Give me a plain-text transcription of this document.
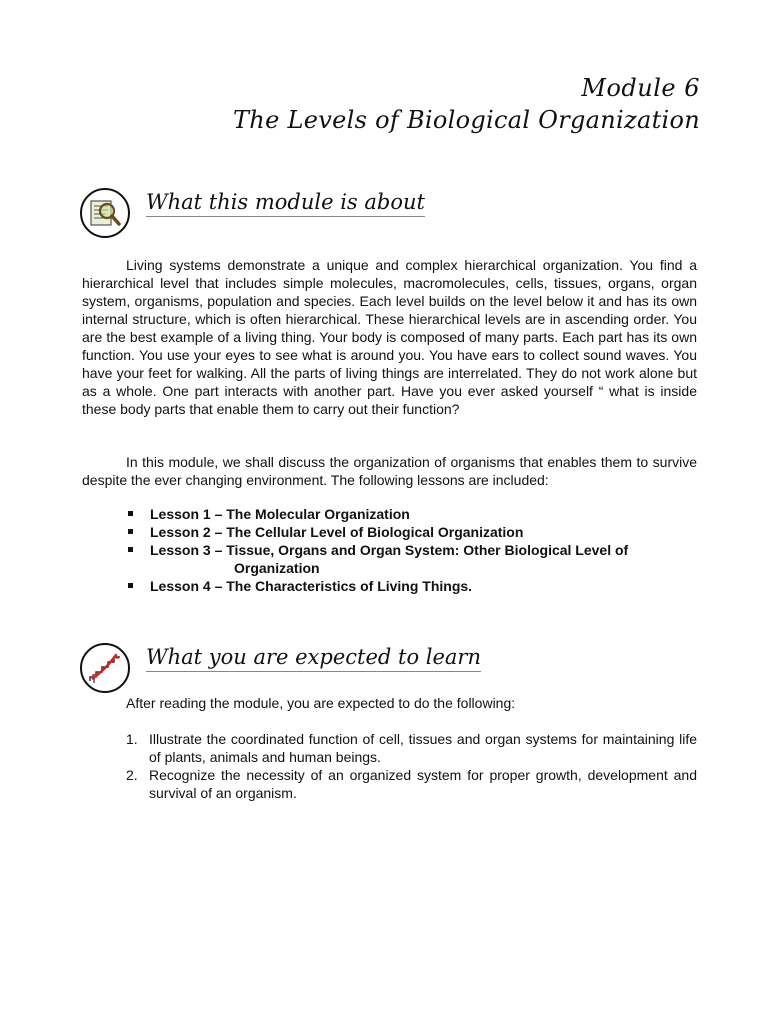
Module 6
The Levels of Biological Organization
What this module is about

Living systems demonstrate a unique and complex hierarchical organization. You find a hierarchical level that includes simple molecules, macromolecules, cells, tissues, organs, organ system, organisms, population and species. Each level builds on the level below it and has its own internal structure, which is often hierarchical. These hierarchical levels are in ascending order. You are the best example of a living thing. Your body is composed of many parts. Each part has its own function. You use your eyes to see what is around you. You have ears to collect sound waves. You have your feet for walking. All the parts of living things are interrelated. They do not work alone but as a whole. One part interacts with another part. Have you ever asked yourself “ what is inside these body parts that enable them to carry out their function?

In this module, we shall discuss the organization of organisms that enables them to survive despite the ever changing environment. The following lessons are included:

Lesson 1 – The Molecular Organization
Lesson 2 – The Cellular Level of Biological Organization
Lesson 3 – Tissue, Organs and Organ System: Other Biological Level of
Organization
Lesson 4 – The Characteristics of Living Things.
What you are expected to learn

After reading the module, you are expected to do the following:

1. Illustrate the coordinated function of cell, tissues and organ systems for maintaining life of plants, animals and human beings.
2. Recognize the necessity of an organized system for proper growth, development and survival of an organism.
